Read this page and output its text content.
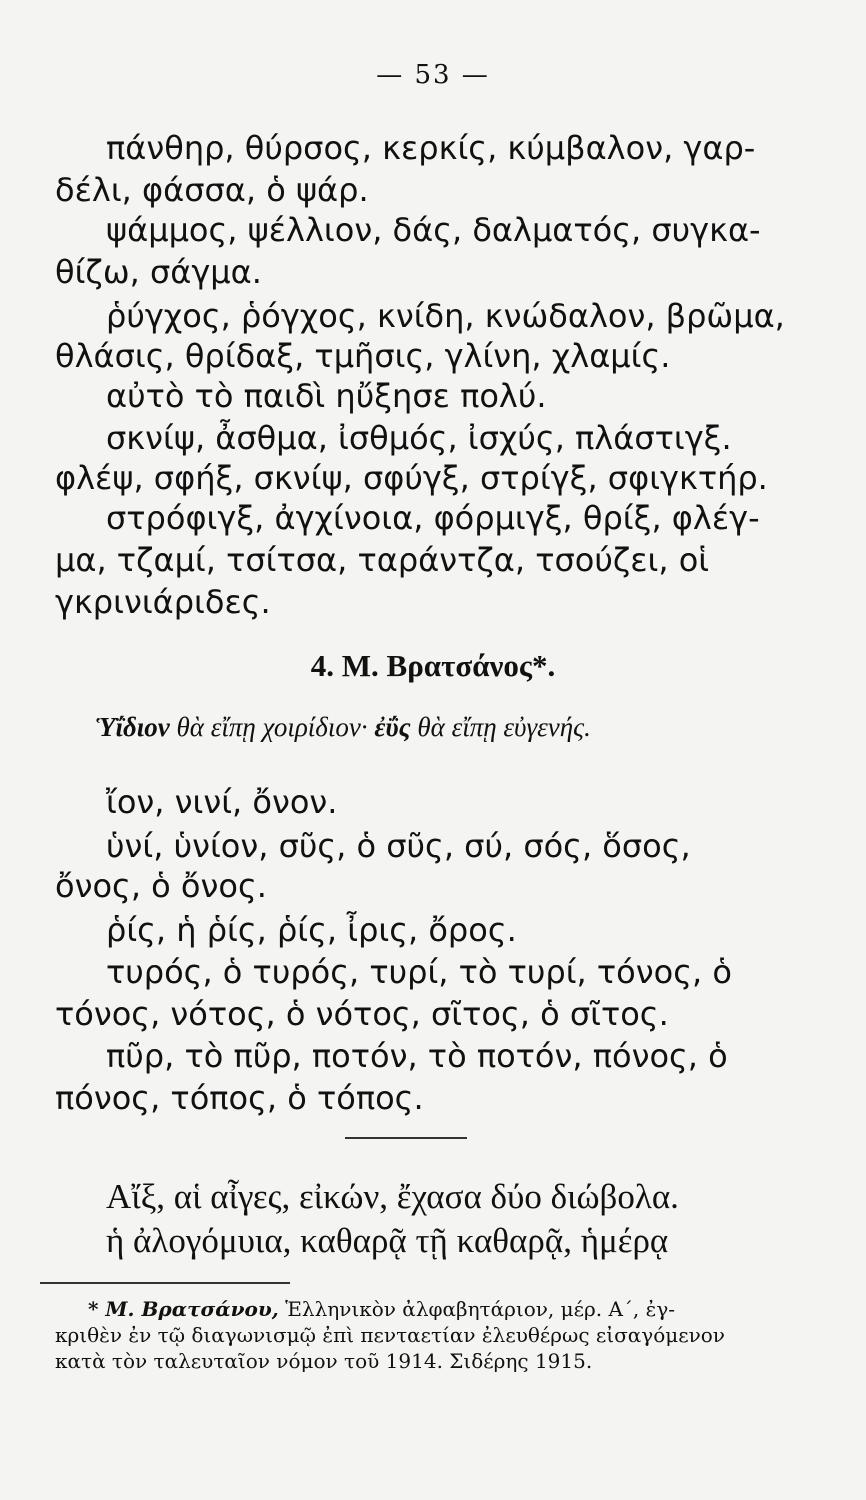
— 53 —
πάνθηρ, θύρσος, κερκίς, κύμβαλον, γαρ-
δέλι, φάσσα, ὁ ψάρ.
ψάμμος, ψέλλιον, δάς, δαλματός, συγκα-
θίζω, σάγμα.
ῥύγχος, ῥόγχος, κνίδη, κνώδαλον, βρῶμα,
θλάσις, θρίδαξ, τμῆσις, γλίνη, χλαμίς.
αὐτὸ τὸ παιδὶ ηὔξησε πολύ.
σκνίψ, ἆσθμα, ἰσθμός, ἰσχύς, πλάστιγξ.
φλέψ, σφήξ, σκνίψ, σφύγξ, στρίγξ, σφιγκτήρ.
στρόφιγξ, ἀγχίνοια, φόρμιγξ, θρίξ, φλέγ-
μα, τζαμί, τσίτσα, ταράντζα, τσούζει, οἱ
γκρινιάριδες.
4. Μ. Βρατσάνος*.
Ὑΐδιον θὰ εἴπῃ χοιρίδιον· ἐΰς θὰ εἴπῃ εὐγενής.
ἴον, νινί, ὄνον.
ὑνί, ὑνίον, σῦς, ὁ σῦς, σύ, σός, ὅσος,
ὄνος, ὁ ὄνος.
ῥίς, ἡ ῥίς, ῥίς, ἶρις, ὄρος.
τυρός, ὁ τυρός, τυρί, τὸ τυρί, τόνος, ὁ
τόνος, νότος, ὁ νότος, σῖτος, ὁ σῖτος.
πῦρ, τὸ πῦρ, ποτόν, τὸ ποτόν, πόνος, ὁ
πόνος, τόπος, ὁ τόπος.
Αἴξ, αἱ αἶγες, εἰκών, ἔχασα δύο διώβολα.
ἡ ἀλογόμυια, καθαρᾷ τῇ καθαρᾷ, ἡμέρᾳ
* Μ. Βρατσάνου, Ἑλληνικὸν ἀλφαβητάριον, μέρ. Α΄, ἐγ-
κριθὲν ἐν τῷ διαγωνισμῷ ἐπὶ πενταετίαν ἐλευθέρως εἰσαγόμενον
κατὰ τὸν ταλευταῖον νόμον τοῦ 1914. Σιδέρης 1915.
